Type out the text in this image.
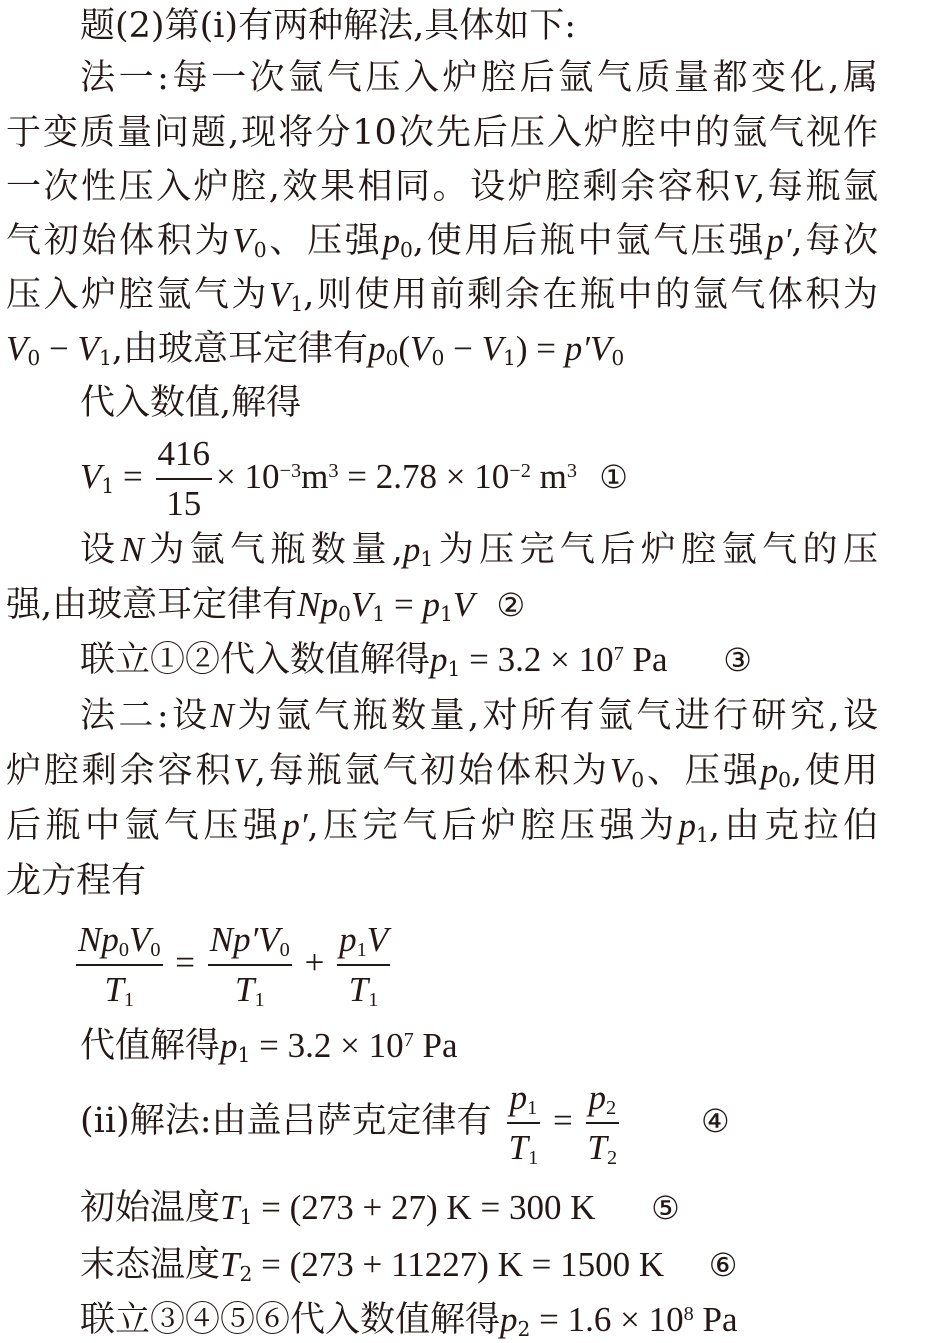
题(2)第(ⅰ)有两种解法,具体如下:
法一:每一次氩气压入炉腔后氩气质量都变化,属
于变质量问题,现将分10次先后压入炉腔中的氩气视作
一次性压入炉腔,效果相同。设炉腔剩余容积V,每瓶氩
气初始体积为$V_0$、压强$p_0$,使用后瓶中氩气压强p′,每次
压入炉腔氩气为$V_1$,则使用前剩余在瓶中的氩气体积为
$V_0 - V_1$,由玻意耳定律有$p_0(V_0 - V_1) = p'V_0$
代入数值,解得
$V_1 = \frac{416}{15} \times 10^{-3}m^3 = 2.78 \times 10^{-2}$ $m^3$ ①
设N为氩气瓶数量$,p_1$为压完气后炉腔氩气的压
强,由玻意耳定律有$Np_0V_1 = p_1V$ ②
联立①②代入数值解得$p_1 = 3.2 \times 10^7$ Pa ③
法二:设N为氩气瓶数量,对所有氩气进行研究,设
炉腔剩余容积V,每瓶氩气初始体积为$V_0$、压强$p_0$,使用
后瓶中氩气压强p′,压完气后炉腔压强为$p_1$,由克拉伯
龙方程有
$\frac{Np_0V_0}{T_1} = \frac{Np'V_0}{T_1} + \frac{p_1V}{T_1}$
代值解得$p_1 = 3.2 \times 10^7$ Pa
(ⅱ)解法:由盖吕萨克定律有 $\frac{p_1}{T_1} = \frac{p_2}{T_2}$	④
初始温度$T_1 = (273 + 27) K = 300$ K ⑤
末态温度$T_2 = (273 + 11227) K = 1500$ K ⑥
联立③④⑤⑥代入数值解得$p_2 = 1.6 \times 10^8$ Pa
